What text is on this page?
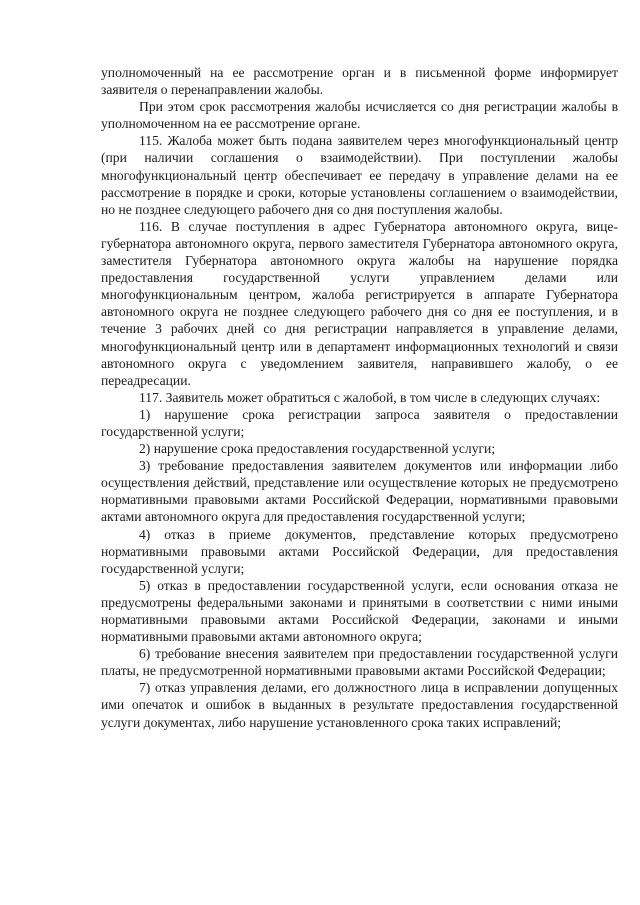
уполномоченный на ее рассмотрение орган и в письменной форме информирует заявителя о перенаправлении жалобы.

При этом срок рассмотрения жалобы исчисляется со дня регистрации жалобы в уполномоченном на ее рассмотрение органе.

115. Жалоба может быть подана заявителем через многофункциональный центр (при наличии соглашения о взаимодействии). При поступлении жалобы многофункциональный центр обеспечивает ее передачу в управление делами на ее рассмотрение в порядке и сроки, которые установлены соглашением о взаимодействии, но не позднее следующего рабочего дня со дня поступления жалобы.

116. В случае поступления в адрес Губернатора автономного округа, вице-губернатора автономного округа, первого заместителя Губернатора автономного округа, заместителя Губернатора автономного округа жалобы на нарушение порядка предоставления государственной услуги управлением делами или многофункциональным центром, жалоба регистрируется в аппарате Губернатора автономного округа не позднее следующего рабочего дня со дня ее поступления, и в течение 3 рабочих дней со дня регистрации направляется в управление делами, многофункциональный центр или в департамент информационных технологий и связи автономного округа с уведомлением заявителя, направившего жалобу, о ее переадресации.

117. Заявитель может обратиться с жалобой, в том числе в следующих случаях:

1) нарушение срока регистрации запроса заявителя о предоставлении государственной услуги;

2) нарушение срока предоставления государственной услуги;

3) требование предоставления заявителем документов или информации либо осуществления действий, представление или осуществление которых не предусмотрено нормативными правовыми актами Российской Федерации, нормативными правовыми актами автономного округа для предоставления государственной услуги;

4) отказ в приеме документов, представление которых предусмотрено нормативными правовыми актами Российской Федерации, для предоставления государственной услуги;

5) отказ в предоставлении государственной услуги, если основания отказа не предусмотрены федеральными законами и принятыми в соответствии с ними иными нормативными правовыми актами Российской Федерации, законами и иными нормативными правовыми актами автономного округа;

6) требование внесения заявителем при предоставлении государственной услуги платы, не предусмотренной нормативными правовыми актами Российской Федерации;

7) отказ управления делами, его должностного лица в исправлении допущенных ими опечаток и ошибок в выданных в результате предоставления государственной услуги документах, либо нарушение установленного срока таких исправлений;
